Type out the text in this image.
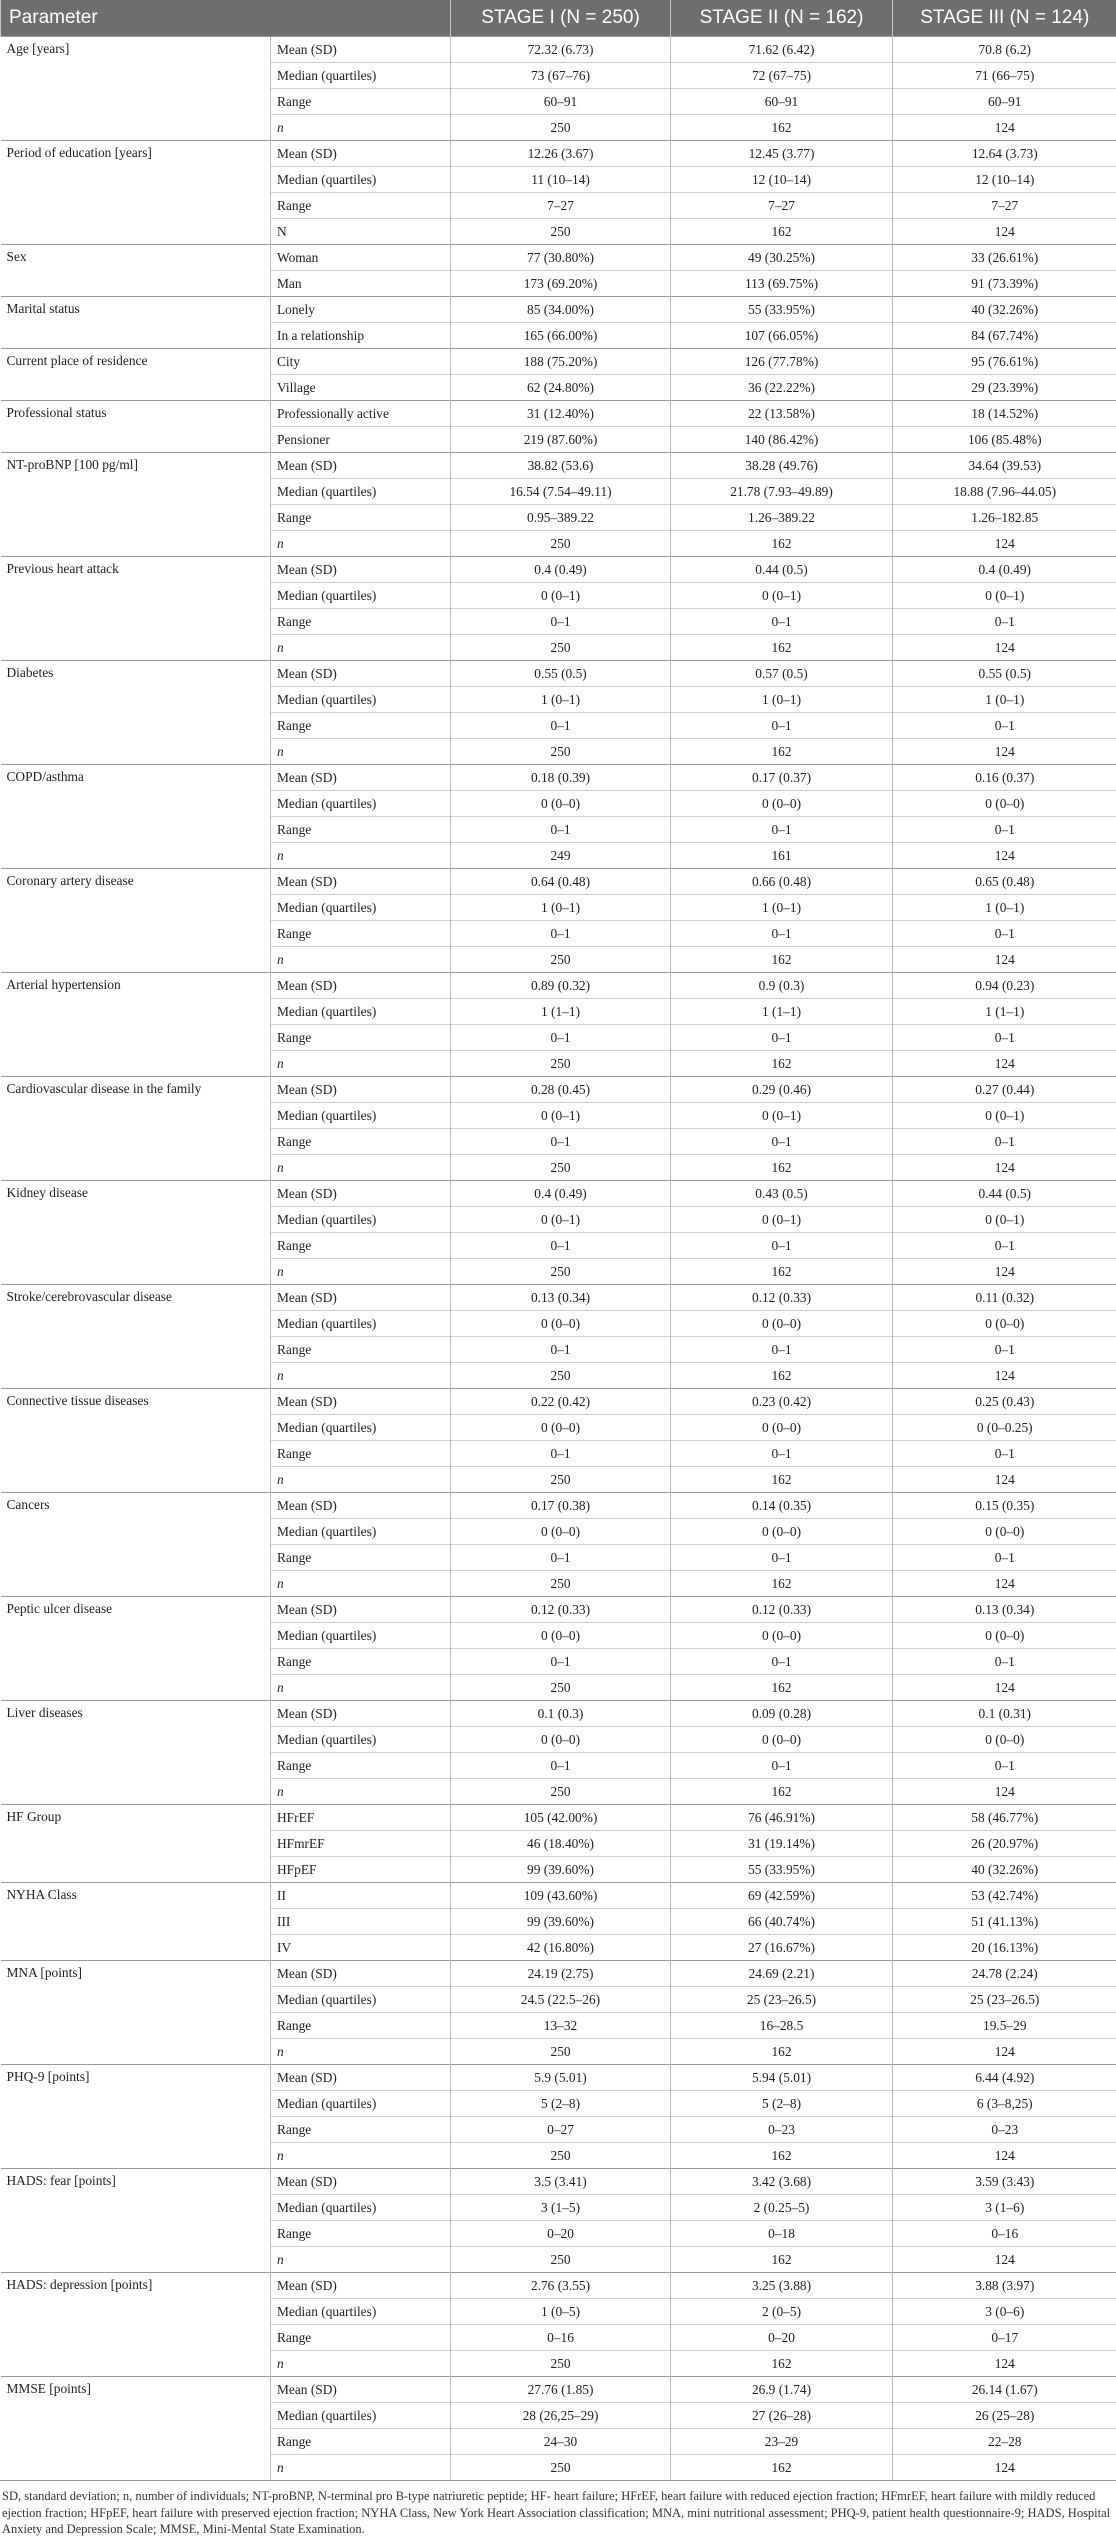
Parameter		STAGE I (N = 250)	STAGE II (N = 162)	STAGE III (N = 124)
Age [years]	Mean (SD)	72.32 (6.73)	71.62 (6.42)	70.8 (6.2)
	Median (quartiles)	73 (67–76)	72 (67–75)	71 (66–75)
	Range	60–91	60–91	60–91
	n	250	162	124
Period of education [years]	Mean (SD)	12.26 (3.67)	12.45 (3.77)	12.64 (3.73)
	Median (quartiles)	11 (10–14)	12 (10–14)	12 (10–14)
	Range	7–27	7–27	7–27
	N	250	162	124
Sex	Woman	77 (30.80%)	49 (30.25%)	33 (26.61%)
	Man	173 (69.20%)	113 (69.75%)	91 (73.39%)
Marital status	Lonely	85 (34.00%)	55 (33.95%)	40 (32.26%)
	In a relationship	165 (66.00%)	107 (66.05%)	84 (67.74%)
Current place of residence	City	188 (75.20%)	126 (77.78%)	95 (76.61%)
	Village	62 (24.80%)	36 (22.22%)	29 (23.39%)
Professional status	Professionally active	31 (12.40%)	22 (13.58%)	18 (14.52%)
	Pensioner	219 (87.60%)	140 (86.42%)	106 (85.48%)
NT-proBNP [100 pg/ml]	Mean (SD)	38.82 (53.6)	38.28 (49.76)	34.64 (39.53)
	Median (quartiles)	16.54 (7.54–49.11)	21.78 (7.93–49.89)	18.88 (7.96–44.05)
	Range	0.95–389.22	1.26–389.22	1.26–182.85
	n	250	162	124
Previous heart attack	Mean (SD)	0.4 (0.49)	0.44 (0.5)	0.4 (0.49)
	Median (quartiles)	0 (0–1)	0 (0–1)	0 (0–1)
	Range	0–1	0–1	0–1
	n	250	162	124
Diabetes	Mean (SD)	0.55 (0.5)	0.57 (0.5)	0.55 (0.5)
	Median (quartiles)	1 (0–1)	1 (0–1)	1 (0–1)
	Range	0–1	0–1	0–1
	n	250	162	124
COPD/asthma	Mean (SD)	0.18 (0.39)	0.17 (0.37)	0.16 (0.37)
	Median (quartiles)	0 (0–0)	0 (0–0)	0 (0–0)
	Range	0–1	0–1	0–1
	n	249	161	124
Coronary artery disease	Mean (SD)	0.64 (0.48)	0.66 (0.48)	0.65 (0.48)
	Median (quartiles)	1 (0–1)	1 (0–1)	1 (0–1)
	Range	0–1	0–1	0–1
	n	250	162	124
Arterial hypertension	Mean (SD)	0.89 (0.32)	0.9 (0.3)	0.94 (0.23)
	Median (quartiles)	1 (1–1)	1 (1–1)	1 (1–1)
	Range	0–1	0–1	0–1
	n	250	162	124
Cardiovascular disease in the family	Mean (SD)	0.28 (0.45)	0.29 (0.46)	0.27 (0.44)
	Median (quartiles)	0 (0–1)	0 (0–1)	0 (0–1)
	Range	0–1	0–1	0–1
	n	250	162	124
Kidney disease	Mean (SD)	0.4 (0.49)	0.43 (0.5)	0.44 (0.5)
	Median (quartiles)	0 (0–1)	0 (0–1)	0 (0–1)
	Range	0–1	0–1	0–1
	n	250	162	124
Stroke/cerebrovascular disease	Mean (SD)	0.13 (0.34)	0.12 (0.33)	0.11 (0.32)
	Median (quartiles)	0 (0–0)	0 (0–0)	0 (0–0)
	Range	0–1	0–1	0–1
	n	250	162	124
Connective tissue diseases	Mean (SD)	0.22 (0.42)	0.23 (0.42)	0.25 (0.43)
	Median (quartiles)	0 (0–0)	0 (0–0)	0 (0–0.25)
	Range	0–1	0–1	0–1
	n	250	162	124
Cancers	Mean (SD)	0.17 (0.38)	0.14 (0.35)	0.15 (0.35)
	Median (quartiles)	0 (0–0)	0 (0–0)	0 (0–0)
	Range	0–1	0–1	0–1
	n	250	162	124
Peptic ulcer disease	Mean (SD)	0.12 (0.33)	0.12 (0.33)	0.13 (0.34)
	Median (quartiles)	0 (0–0)	0 (0–0)	0 (0–0)
	Range	0–1	0–1	0–1
	n	250	162	124
Liver diseases	Mean (SD)	0.1 (0.3)	0.09 (0.28)	0.1 (0.31)
	Median (quartiles)	0 (0–0)	0 (0–0)	0 (0–0)
	Range	0–1	0–1	0–1
	n	250	162	124
HF Group	HFrEF	105 (42.00%)	76 (46.91%)	58 (46.77%)
	HFmrEF	46 (18.40%)	31 (19.14%)	26 (20.97%)
	HFpEF	99 (39.60%)	55 (33.95%)	40 (32.26%)
NYHA Class	II	109 (43.60%)	69 (42.59%)	53 (42.74%)
	III	99 (39.60%)	66 (40.74%)	51 (41.13%)
	IV	42 (16.80%)	27 (16.67%)	20 (16.13%)
MNA [points]	Mean (SD)	24.19 (2.75)	24.69 (2.21)	24.78 (2.24)
	Median (quartiles)	24.5 (22.5–26)	25 (23–26.5)	25 (23–26.5)
	Range	13–32	16–28.5	19.5–29
	n	250	162	124
PHQ-9 [points]	Mean (SD)	5.9 (5.01)	5.94 (5.01)	6.44 (4.92)
	Median (quartiles)	5 (2–8)	5 (2–8)	6 (3–8,25)
	Range	0–27	0–23	0–23
	n	250	162	124
HADS: fear [points]	Mean (SD)	3.5 (3.41)	3.42 (3.68)	3.59 (3.43)
	Median (quartiles)	3 (1–5)	2 (0.25–5)	3 (1–6)
	Range	0–20	0–18	0–16
	n	250	162	124
HADS: depression [points]	Mean (SD)	2.76 (3.55)	3.25 (3.88)	3.88 (3.97)
	Median (quartiles)	1 (0–5)	2 (0–5)	3 (0–6)
	Range	0–16	0–20	0–17
	n	250	162	124
MMSE [points]	Mean (SD)	27.76 (1.85)	26.9 (1.74)	26.14 (1.67)
	Median (quartiles)	28 (26,25–29)	27 (26–28)	26 (25–28)
	Range	24–30	23–29	22–28
	n	250	162	124
SD, standard deviation; n, number of individuals; NT-proBNP, N-terminal pro B-type natriuretic peptide; HF- heart failure; HFrEF, heart failure with reduced ejection fraction; HFmrEF, heart failure with mildly reduced ejection fraction; HFpEF, heart failure with preserved ejection fraction; NYHA Class, New York Heart Association classification; MNA, mini nutritional assessment; PHQ-9, patient health questionnaire-9; HADS, Hospital Anxiety and Depression Scale; MMSE, Mini-Mental State Examination.
